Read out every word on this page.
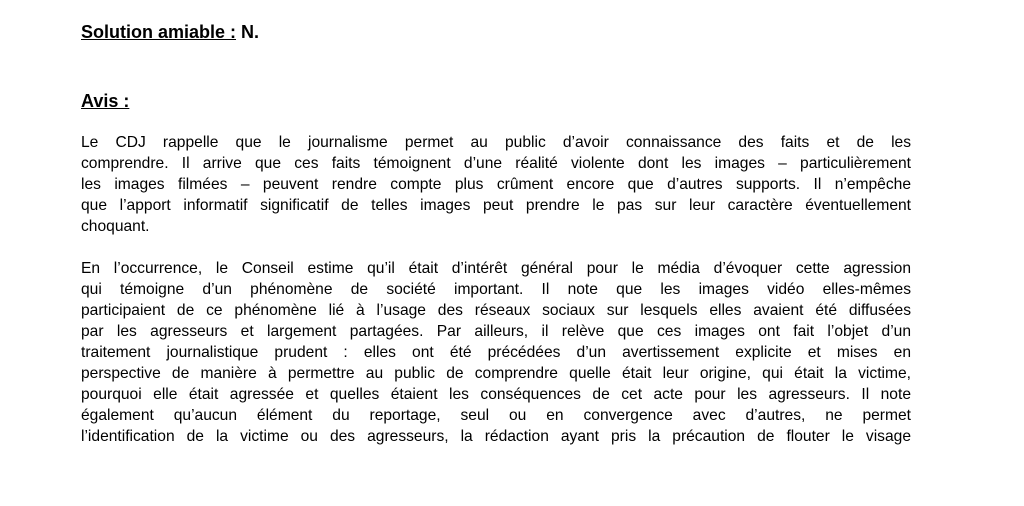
Solution amiable : N.
Avis :
Le CDJ rappelle que le journalisme permet au public d’avoir connaissance des faits et de les
comprendre. Il arrive que ces faits témoignent d’une réalité violente dont les images – particulièrement
les images filmées – peuvent rendre compte plus crûment encore que d’autres supports. Il n’empêche
que l’apport informatif significatif de telles images peut prendre le pas sur leur caractère éventuellement
choquant.
En l’occurrence, le Conseil estime qu’il était d’intérêt général pour le média d’évoquer cette agression
qui témoigne d’un phénomène de société important. Il note que les images vidéo elles-mêmes
participaient de ce phénomène lié à l’usage des réseaux sociaux sur lesquels elles avaient été diffusées
par les agresseurs et largement partagées. Par ailleurs, il relève que ces images ont fait l’objet d’un
traitement journalistique prudent : elles ont été précédées d’un avertissement explicite et mises en
perspective de manière à permettre au public de comprendre quelle était leur origine, qui était la victime,
pourquoi elle était agressée et quelles étaient les conséquences de cet acte pour les agresseurs. Il note
également qu’aucun élément du reportage, seul ou en convergence avec d’autres, ne permet
l’identification de la victime ou des agresseurs, la rédaction ayant pris la précaution de flouter le visage
